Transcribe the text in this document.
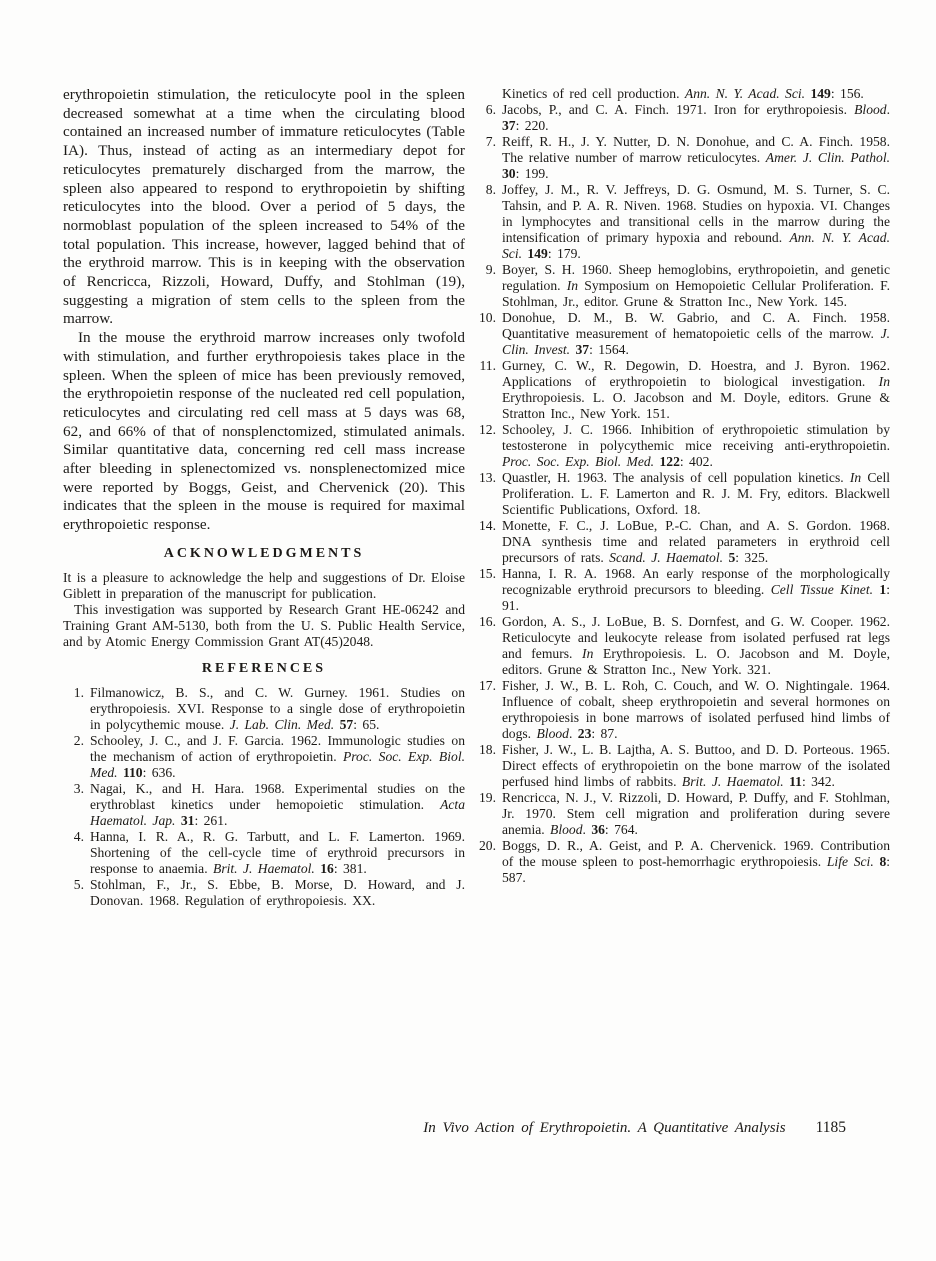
erythropoietin stimulation, the reticulocyte pool in the spleen decreased somewhat at a time when the circulating blood contained an increased number of immature reticulocytes (Table IA). Thus, instead of acting as an intermediary depot for reticulocytes prematurely discharged from the marrow, the spleen also appeared to respond to erythropoietin by shifting reticulocytes into the blood. Over a period of 5 days, the normoblast population of the spleen increased to 54% of the total population. This increase, however, lagged behind that of the erythroid marrow. This is in keeping with the observation of Rencricca, Rizzoli, Howard, Duffy, and Stohlman (19), suggesting a migration of stem cells to the spleen from the marrow.

In the mouse the erythroid marrow increases only twofold with stimulation, and further erythropoiesis takes place in the spleen. When the spleen of mice has been previously removed, the erythropoietin response of the nucleated red cell population, reticulocytes and circulating red cell mass at 5 days was 68, 62, and 66% of that of nonsplenctomized, stimulated animals. Similar quantitative data, concerning red cell mass increase after bleeding in splenectomized vs. nonsplenectomized mice were reported by Boggs, Geist, and Chervenick (20). This indicates that the spleen in the mouse is required for maximal erythropoietic response.

ACKNOWLEDGMENTS

It is a pleasure to acknowledge the help and suggestions of Dr. Eloise Giblett in preparation of the manuscript for publication.

This investigation was supported by Research Grant HE-06242 and Training Grant AM-5130, both from the U. S. Public Health Service, and by Atomic Energy Commission Grant AT(45)2048.

REFERENCES
1. Filmanowicz, B. S., and C. W. Gurney. 1961. Studies on erythropoiesis. XVI. Response to a single dose of erythropoietin in polycythemic mouse. J. Lab. Clin. Med. 57: 65.
2. Schooley, J. C., and J. F. Garcia. 1962. Immunologic studies on the mechanism of action of erythropoietin. Proc. Soc. Exp. Biol. Med. 110: 636.
3. Nagai, K., and H. Hara. 1968. Experimental studies on the erythroblast kinetics under hemopoietic stimulation. Acta Haematol. Jap. 31: 261.
4. Hanna, I. R. A., R. G. Tarbutt, and L. F. Lamerton. 1969. Shortening of the cell-cycle time of erythroid precursors in response to anaemia. Brit. J. Haematol. 16: 381.
5. Stohlman, F., Jr., S. Ebbe, B. Morse, D. Howard, and J. Donovan. 1968. Regulation of erythropoiesis. XX.

Kinetics of red cell production. Ann. N. Y. Acad. Sci. 149: 156.

6. Jacobs, P., and C. A. Finch. 1971. Iron for erythropoiesis. Blood. 37: 220.
7. Reiff, R. H., J. Y. Nutter, D. N. Donohue, and C. A. Finch. 1958. The relative number of marrow reticulocytes. Amer. J. Clin. Pathol. 30: 199.
8. Joffey, J. M., R. V. Jeffreys, D. G. Osmund, M. S. Turner, S. C. Tahsin, and P. A. R. Niven. 1968. Studies on hypoxia. VI. Changes in lymphocytes and transitional cells in the marrow during the intensification of primary hypoxia and rebound. Ann. N. Y. Acad. Sci. 149: 179.
9. Boyer, S. H. 1960. Sheep hemoglobins, erythropoietin, and genetic regulation. In Symposium on Hemopoietic Cellular Proliferation. F. Stohlman, Jr., editor. Grune & Stratton Inc., New York. 145.
10. Donohue, D. M., B. W. Gabrio, and C. A. Finch. 1958. Quantitative measurement of hematopoietic cells of the marrow. J. Clin. Invest. 37: 1564.
11. Gurney, C. W., R. Degowin, D. Hoestra, and J. Byron. 1962. Applications of erythropoietin to biological investigation. In Erythropoiesis. L. O. Jacobson and M. Doyle, editors. Grune & Stratton Inc., New York. 151.
12. Schooley, J. C. 1966. Inhibition of erythropoietic stimulation by testosterone in polycythemic mice receiving anti-erythropoietin. Proc. Soc. Exp. Biol. Med. 122: 402.
13. Quastler, H. 1963. The analysis of cell population kinetics. In Cell Proliferation. L. F. Lamerton and R. J. M. Fry, editors. Blackwell Scientific Publications, Oxford. 18.
14. Monette, F. C., J. LoBue, P.-C. Chan, and A. S. Gordon. 1968. DNA synthesis time and related parameters in erythroid cell precursors of rats. Scand. J. Haematol. 5: 325.
15. Hanna, I. R. A. 1968. An early response of the morphologically recognizable erythroid precursors to bleeding. Cell Tissue Kinet. 1: 91.
16. Gordon, A. S., J. LoBue, B. S. Dornfest, and G. W. Cooper. 1962. Reticulocyte and leukocyte release from isolated perfused rat legs and femurs. In Erythropoiesis. L. O. Jacobson and M. Doyle, editors. Grune & Stratton Inc., New York. 321.
17. Fisher, J. W., B. L. Roh, C. Couch, and W. O. Nightingale. 1964. Influence of cobalt, sheep erythropoietin and several hormones on erythropoiesis in bone marrows of isolated perfused hind limbs of dogs. Blood. 23: 87.
18. Fisher, J. W., L. B. Lajtha, A. S. Buttoo, and D. D. Porteous. 1965. Direct effects of erythropoietin on the bone marrow of the isolated perfused hind limbs of rabbits. Brit. J. Haematol. 11: 342.
19. Rencricca, N. J., V. Rizzoli, D. Howard, P. Duffy, and F. Stohlman, Jr. 1970. Stem cell migration and proliferation during severe anemia. Blood. 36: 764.
20. Boggs, D. R., A. Geist, and P. A. Chervenick. 1969. Contribution of the mouse spleen to post-hemorrhagic erythropoiesis. Life Sci. 8: 587.
In Vivo Action of Erythropoietin. A Quantitative Analysis 1185
